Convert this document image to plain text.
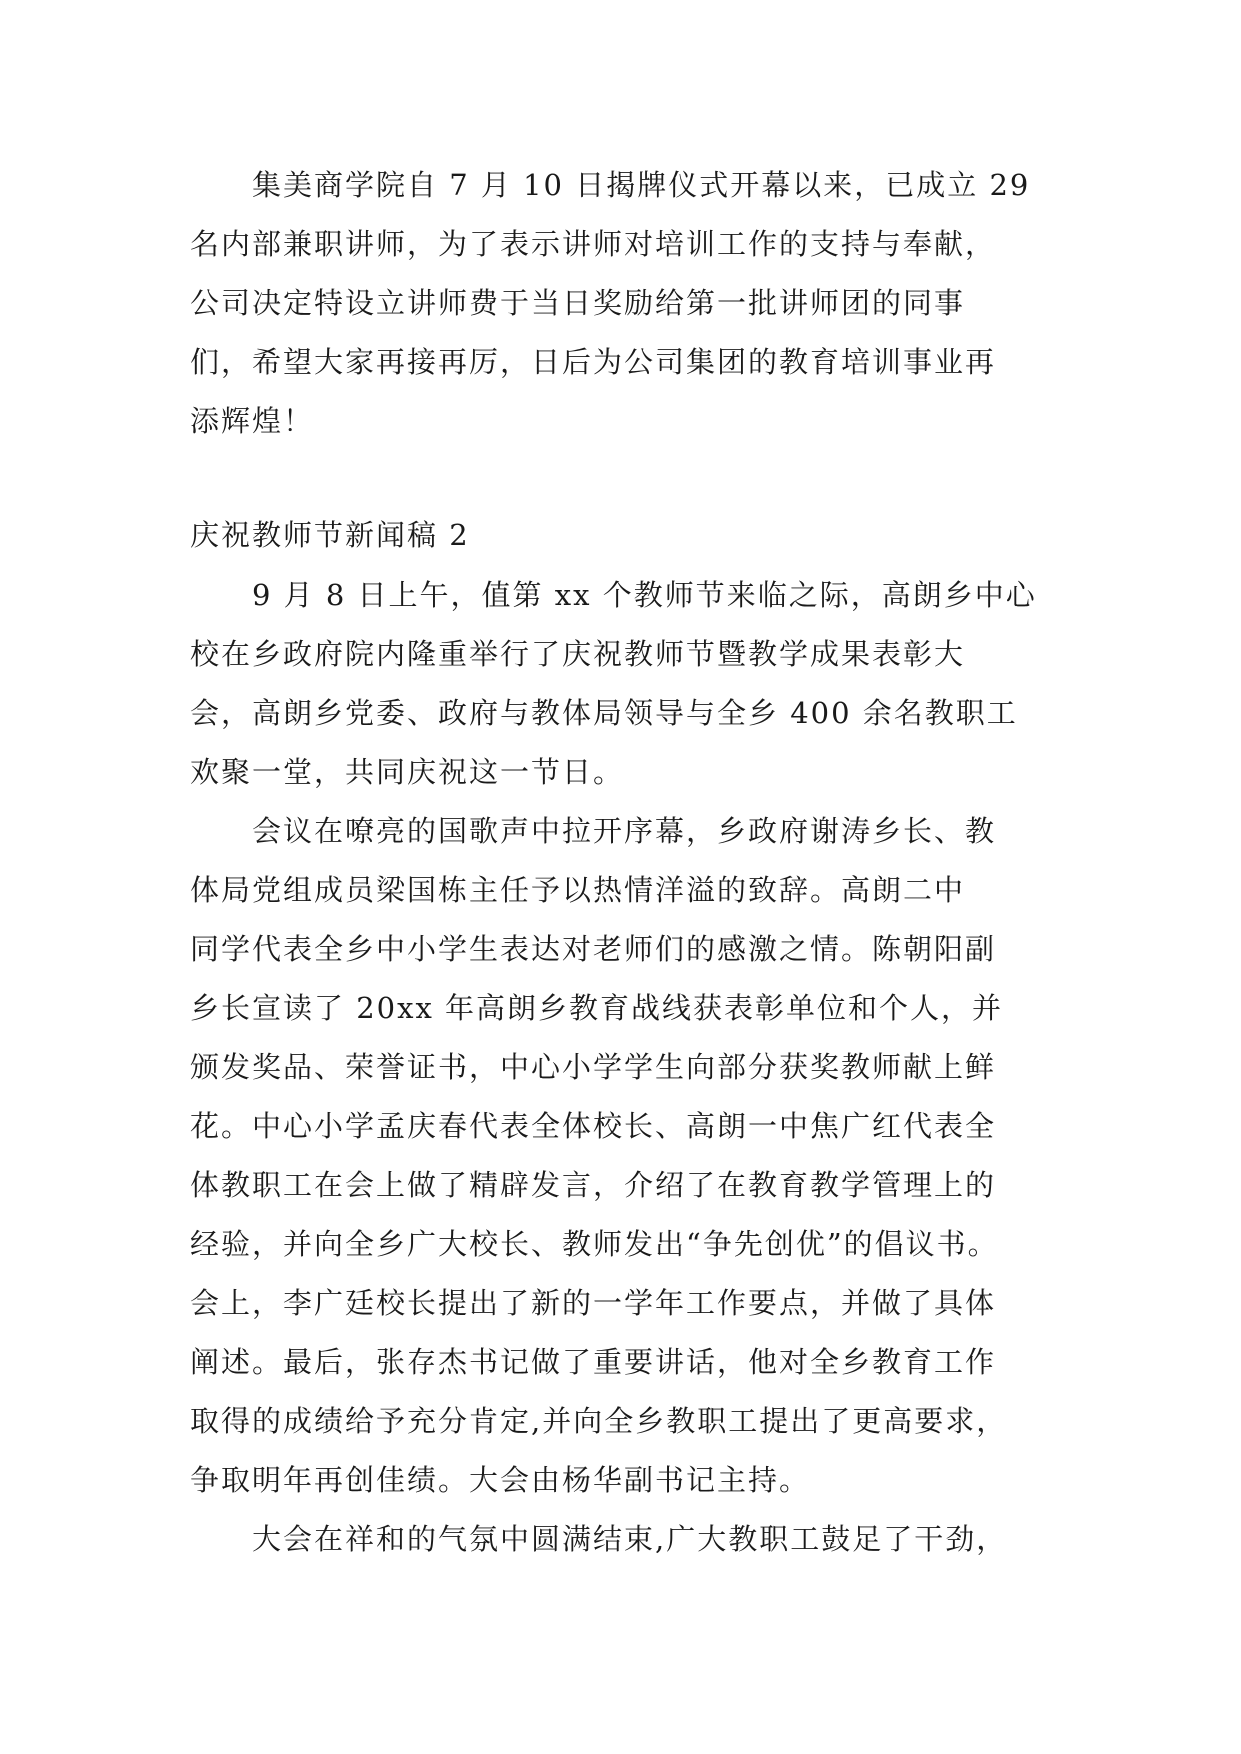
集美商学院自 7 月 10 日揭牌仪式开幕以来，已成立 29
名内部兼职讲师，为了表示讲师对培训工作的支持与奉献，
公司决定特设立讲师费于当日奖励给第一批讲师团的同事
们，希望大家再接再厉，日后为公司集团的教育培训事业再
添辉煌！
庆祝教师节新闻稿 2
9 月 8 日上午，值第 xx 个教师节来临之际，高朗乡中心
校在乡政府院内隆重举行了庆祝教师节暨教学成果表彰大
会，高朗乡党委、政府与教体局领导与全乡 400 余名教职工
欢聚一堂，共同庆祝这一节日。
会议在嘹亮的国歌声中拉开序幕，乡政府谢涛乡长、教
体局党组成员梁国栋主任予以热情洋溢的致辞。高朗二中
同学代表全乡中小学生表达对老师们的感激之情。陈朝阳副
乡长宣读了 20xx 年高朗乡教育战线获表彰单位和个人，并
颁发奖品、荣誉证书，中心小学学生向部分获奖教师献上鲜
花。中心小学孟庆春代表全体校长、高朗一中焦广红代表全
体教职工在会上做了精辟发言，介绍了在教育教学管理上的
经验，并向全乡广大校长、教师发出“争先创优”的倡议书。
会上，李广廷校长提出了新的一学年工作要点，并做了具体
阐述。最后，张存杰书记做了重要讲话，他对全乡教育工作
取得的成绩给予充分肯定,并向全乡教职工提出了更高要求，
争取明年再创佳绩。大会由杨华副书记主持。
大会在祥和的气氛中圆满结束,广大教职工鼓足了干劲，
